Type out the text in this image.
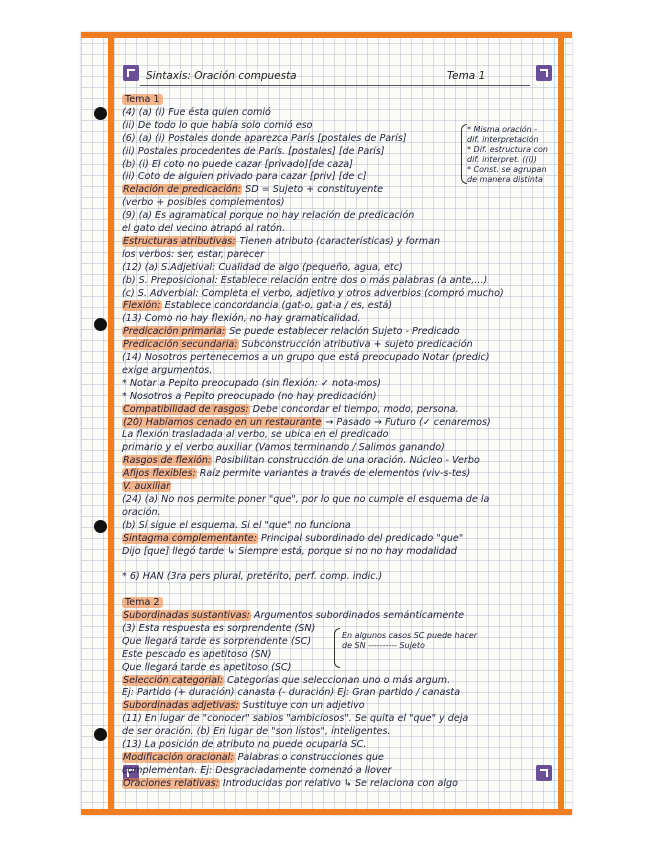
Sintaxis: Oración compuesta	Tema 1
Tema 1
(4) (a) (i) Fue ésta quien comió
(ii) De todo lo que había solo comió eso
(6) (a) (i) Postales donde aparezca París [postales de París]
(ii) Postales procedentes de París. [postales] [de París]
(b) (i) El coto no puede cazar [privado][de caza]
(ii) Coto de alguien privado para cazar [priv] [de c]
Relación de predicación: SD = Sujeto + constituyente
(verbo + posibles complementos)
(9) (a) Es agramatical porque no hay relación de predicación
el gato del vecino atrapó al ratón.
Estructuras atributivas: Tienen atributo (características) y forman
los verbos: ser, estar, parecer
(12) (a) S.Adjetival: Cualidad de algo (pequeño, agua, etc)
(b) S. Preposicional: Establece relación entre dos o más palabras (a ante,...)
(c) S. Adverbial: Completa el verbo, adjetivo y otros adverbios (compró mucho)
Flexión: Establece concordancia (gat-o, gat-a / es, está)
(13) Como no hay flexión, no hay gramaticalidad.
Predicación primaria: Se puede establecer relación Sujeto - Predicado
Predicación secundaria: Subconstrucción atributiva + sujeto predicación
(14) Nosotros pertenecemos a un grupo que está preocupado Notar (predic)
exige argumentos.
* Notar a Pepito preocupado (sin flexión: ✓ nota-mos)
* Nosotros a Pepito preocupado (no hay predicación)
Compatibilidad de rasgos: Debe concordar el tiempo, modo, persona.
(20) Habíamos cenado en un restaurante → Pasado → Futuro (✓ cenaremos)
La flexión trasladada al verbo, se ubica en el predicado
primario y el verbo auxiliar (Vamos terminando / Salimos ganando)
Rasgos de flexión: Posibilitan construcción de una oración. Núcleo - Verbo
Afijos flexibles: Raíz permite variantes a través de elementos (viv-s-tes)
V. auxiliar
(24) (a) No nos permite poner "que", por lo que no cumple el esquema de la
oración.
(b) Sí sigue el esquema. Si el "que" no funciona
Sintagma complementante: Principal subordinado del predicado "que"
Dijo [que] llegó tarde ↳ Siempre está, porque si no no hay modalidad
* 6) HAN (3ra pers plural, pretérito, perf. comp. indic.)
Tema 2
Subordinadas sustantivas: Argumentos subordinados semánticamente
(3) Esta respuesta es sorprendente (SN)
Que llegará tarde es sorprendente (SC)
Este pescado es apetitoso (SN)
Que llegará tarde es apetitoso (SC)
Selección categorial: Categorías que seleccionan uno o más argum.
Ej: Partido (+ duración) canasta (- duración) Ej: Gran partido / canasta
Subordinadas adjetivas: Sustituye con un adjetivo
(11) En lugar de "conocer" sabios "ambiciosos". Se quita el "que" y deja
de ser oración. (b) En lugar de "son listos", inteligentes.
(13) La posición de atributo no puede ocuparla SC.
Modificación oracional: Palabras o construcciones que
complementan. Ej: Desgraciadamente comenzó a llover
Oraciones relativas: Introducidas por relativo ↳ Se relaciona con algo
* Misma oración -
dif. interpretación
* Dif. estructura con
dif. interpret. ((i))
* Const. se agrupan
de manera distinta
En algunos casos SC puede hacer
de SN ---------- Sujeto
